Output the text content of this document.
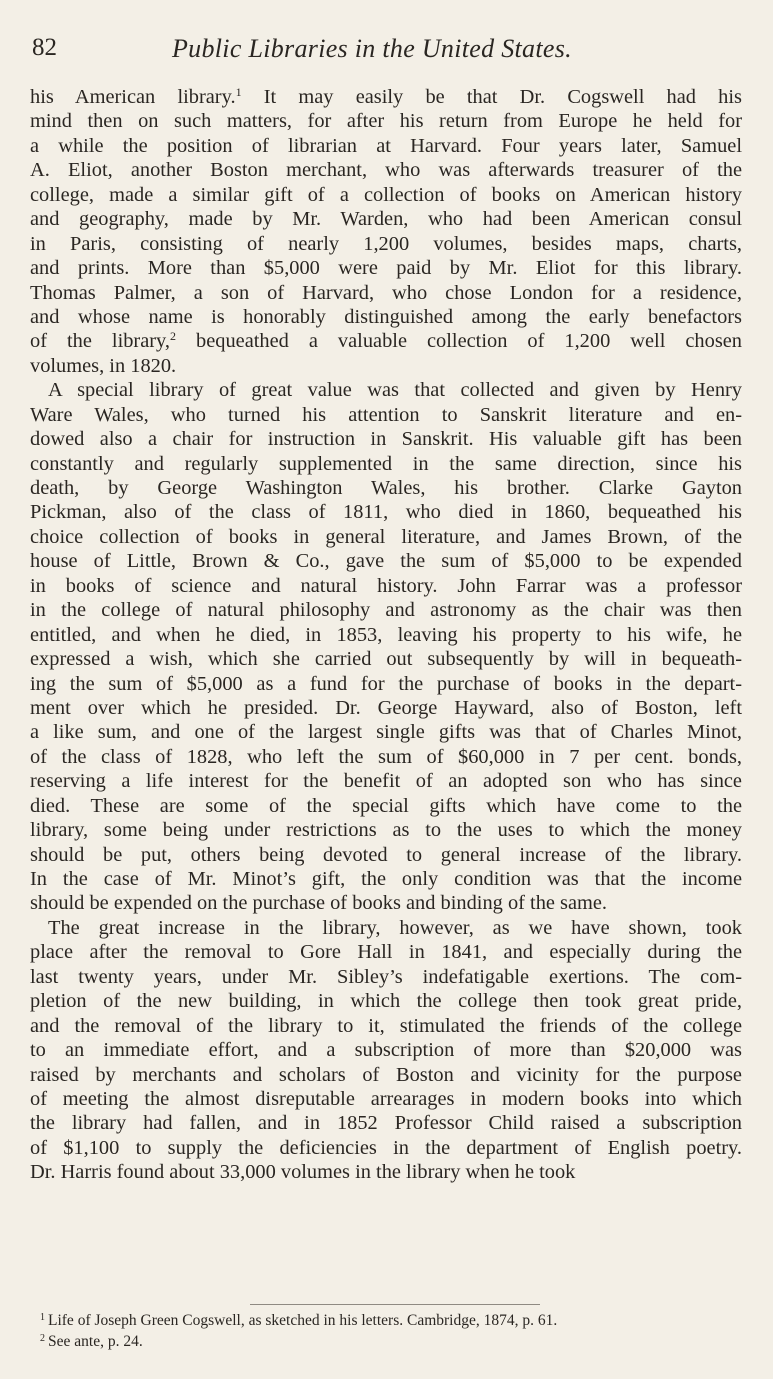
82	Public Libraries in the United States.
his American library.$^1$ It may easily be that Dr. Cogswell had his
mind then on such matters, for after his return from Europe he held for
a while the position of librarian at Harvard. Four years later, Samuel
A. Eliot, another Boston merchant, who was afterwards treasurer of the
college, made a similar gift of a collection of books on American history
and geography, made by Mr. Warden, who had been American consul
in Paris, consisting of nearly 1,200 volumes, besides maps, charts,
and prints. More than $5,000 were paid by Mr. Eliot for this library.
Thomas Palmer, a son of Harvard, who chose London for a residence,
and whose name is honorably distinguished among the early benefactors
of the library,$^2$ bequeathed a valuable collection of 1,200 well chosen
volumes, in 1820.
A special library of great value was that collected and given by Henry
Ware Wales, who turned his attention to Sanskrit literature and en-
dowed also a chair for instruction in Sanskrit. His valuable gift has been
constantly and regularly supplemented in the same direction, since his
death, by George Washington Wales, his brother. Clarke Gayton
Pickman, also of the class of 1811, who died in 1860, bequeathed his
choice collection of books in general literature, and James Brown, of the
house of Little, Brown & Co., gave the sum of $5,000 to be expended
in books of science and natural history. John Farrar was a professor
in the college of natural philosophy and astronomy as the chair was then
entitled, and when he died, in 1853, leaving his property to his wife, he
expressed a wish, which she carried out subsequently by will in bequeath-
ing the sum of $5,000 as a fund for the purchase of books in the depart-
ment over which he presided. Dr. George Hayward, also of Boston, left
a like sum, and one of the largest single gifts was that of Charles Minot,
of the class of 1828, who left the sum of $60,000 in 7 per cent. bonds,
reserving a life interest for the benefit of an adopted son who has since
died. These are some of the special gifts which have come to the
library, some being under restrictions as to the uses to which the money
should be put, others being devoted to general increase of the library.
In the case of Mr. Minot’s gift, the only condition was that the income
should be expended on the purchase of books and binding of the same.
The great increase in the library, however, as we have shown, took
place after the removal to Gore Hall in 1841, and especially during the
last twenty years, under Mr. Sibley’s indefatigable exertions. The com-
pletion of the new building, in which the college then took great pride,
and the removal of the library to it, stimulated the friends of the college
to an immediate effort, and a subscription of more than $20,000 was
raised by merchants and scholars of Boston and vicinity for the purpose
of meeting the almost disreputable arrearages in modern books into which
the library had fallen, and in 1852 Professor Child raised a subscription
of $1,100 to supply the deficiencies in the department of English poetry.
Dr. Harris found about 33,000 volumes in the library when he took
$^1$ Life of Joseph Green Cogswell, as sketched in his letters. Cambridge, 1874, p. 61.
$^2$ See ante, p. 24.
